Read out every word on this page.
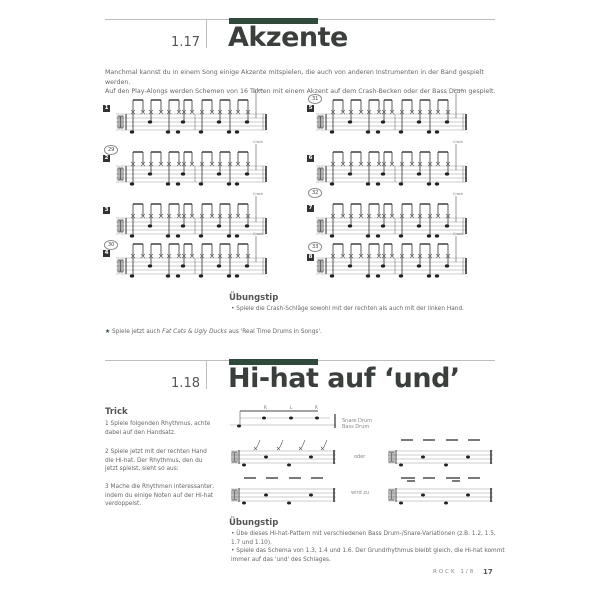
1.17 Akzente
Manchmal kannst du in einem Song einige Akzente mitspielen, die auch von anderen Instrumenten in der Band gespielt werden.
Auf den Play-Alongs werden Schemen von 16 Takten mit einem Akzent auf dem Crash-Becken oder der Bass Drum gespielt.
1
29
2
3
30
4
31
5
6
32
7
33
8
Übungstip
• Spiele die Crash-Schläge sowohl mit der rechten als auch mit der linken Hand.
★ Spiele jetzt auch Fat Cats & Ugly Ducks aus 'Real Time Drums in Songs'.
1.18 Hi-hat auf ‘und’
Trick
1 Spiele folgenden Rhythmus, achte dabei auf den Handsatz.
2 Spiele jetzt mit der rechten Hand die Hi-hat. Der Rhythmus, den du jetzt spielst, sieht so aus:
3 Mache die Rhythmen interessanter, indem du einige Noten auf der Hi-hat verdoppelst.
R	L	R
Snare Drum
Bass Drum
oder
wird zu
Übungstip
• Übe dieses Hi-hat-Pattern mit verschiedenen Bass Drum-/Snare-Variationen (z.B. 1.2, 1.5, 1.7 und 1.10).
• Spiele das Schema von 1.3, 1.4 und 1.6. Der Grundrhythmus bleibt gleich, die Hi-hat kommt immer auf das 'und' des Schlages.
ROCK 1/8 17
